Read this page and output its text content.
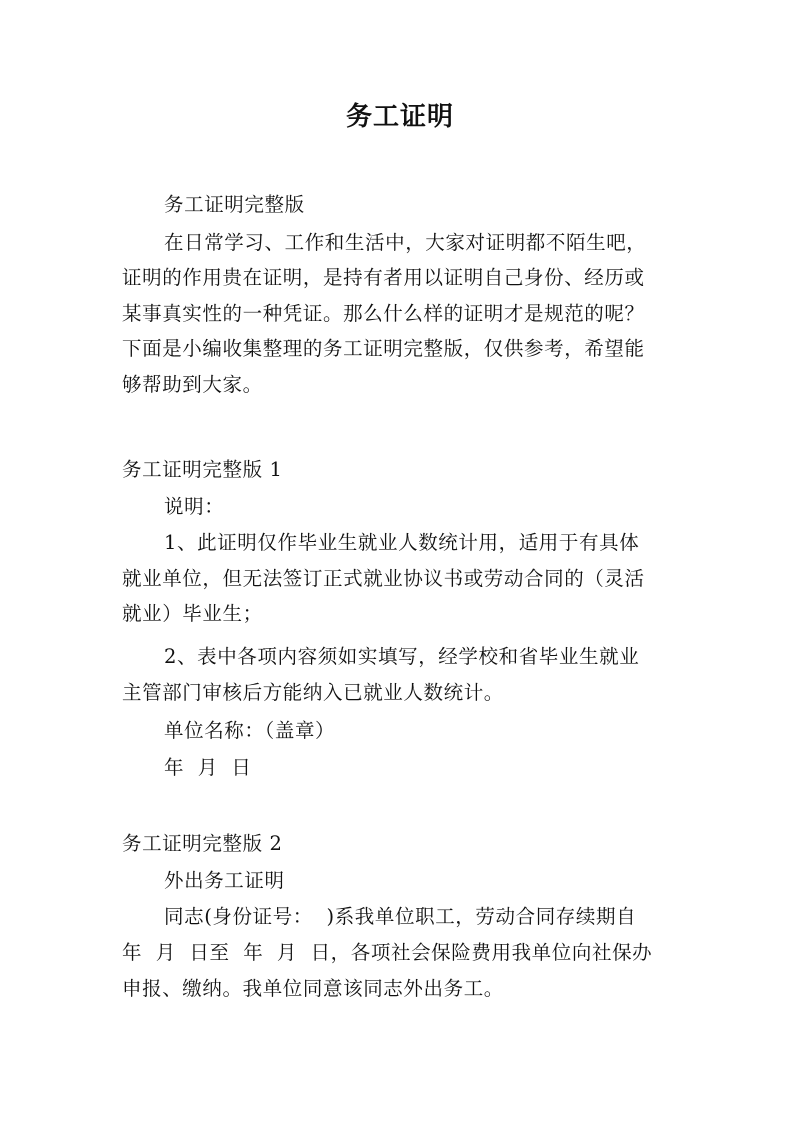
务工证明
务工证明完整版
在日常学习、工作和生活中，大家对证明都不陌生吧，
证明的作用贵在证明，是持有者用以证明自己身份、经历或
某事真实性的一种凭证。那么什么样的证明才是规范的呢？
下面是小编收集整理的务工证明完整版，仅供参考，希望能
够帮助到大家。
务工证明完整版 1
说明：
1、此证明仅作毕业生就业人数统计用，适用于有具体
就业单位，但无法签订正式就业协议书或劳动合同的（灵活
就业）毕业生；
2、表中各项内容须如实填写，经学校和省毕业生就业
主管部门审核后方能纳入已就业人数统计。
单位名称：（盖章）
年  月  日
务工证明完整版 2
外出务工证明
同志(身份证号：  )系我单位职工，劳动合同存续期自
年  月  日至  年  月  日，各项社会保险费用我单位向社保办
申报、缴纳。我单位同意该同志外出务工。
